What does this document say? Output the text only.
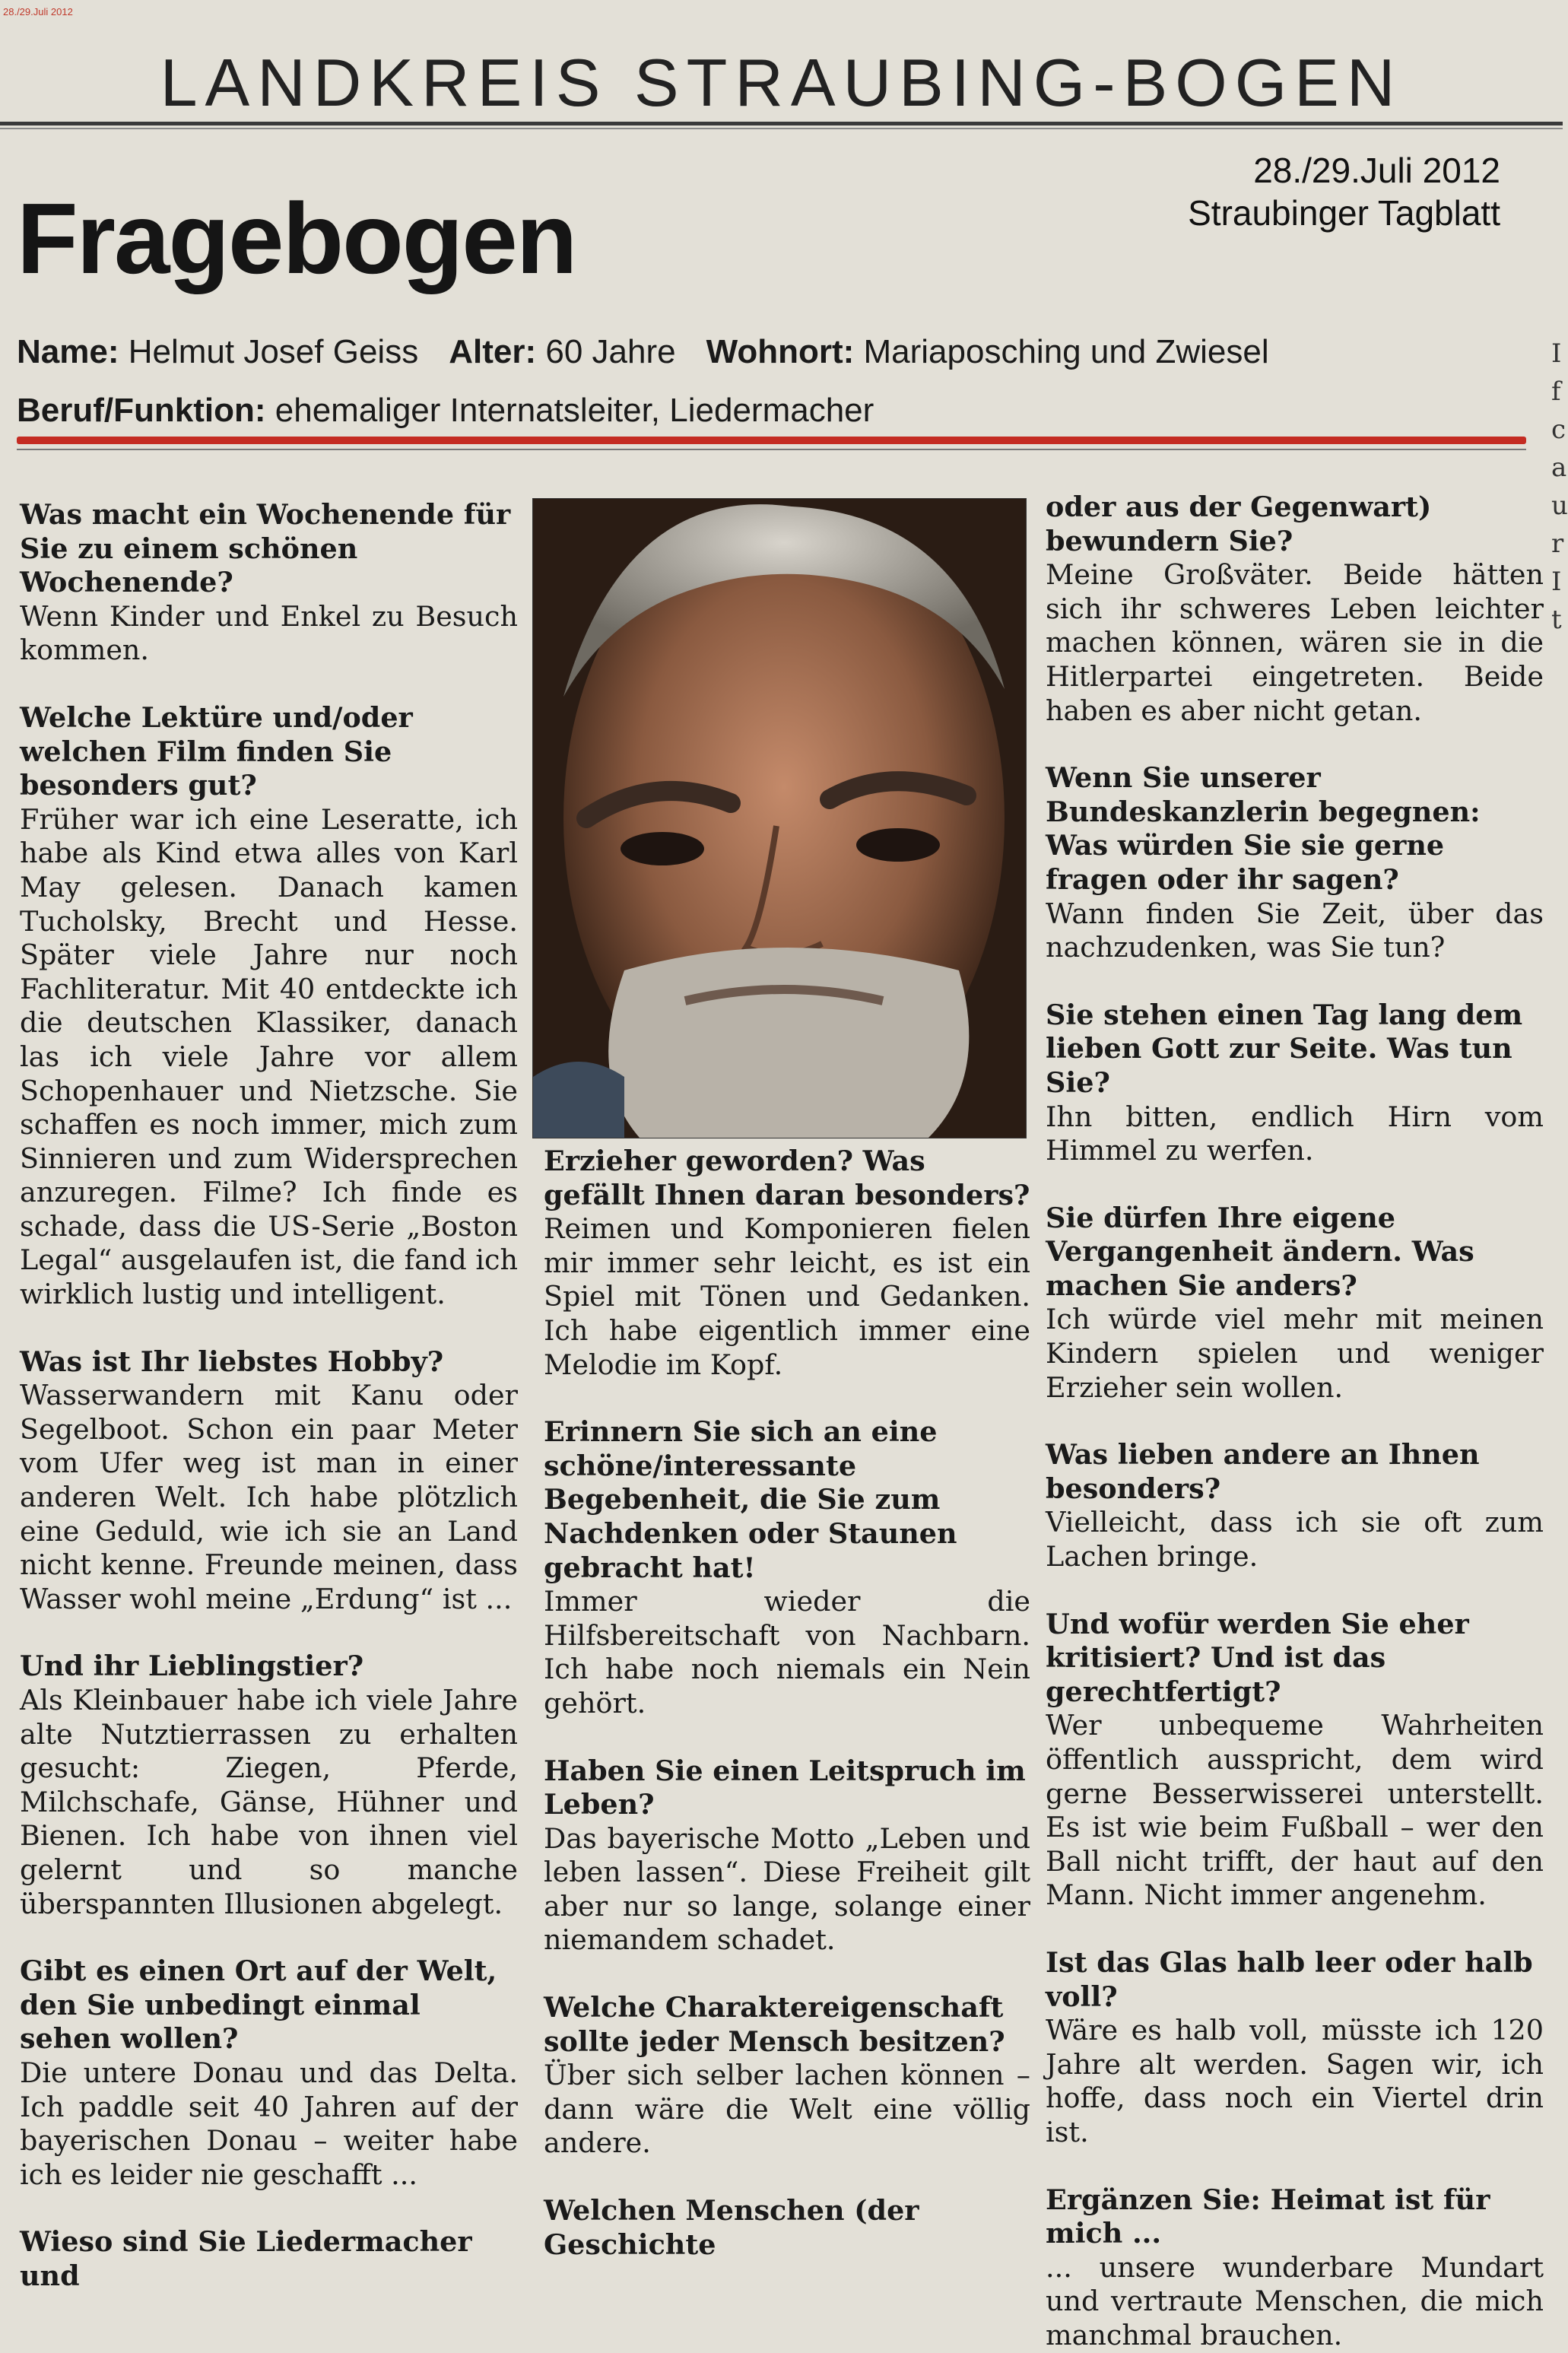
28./29.Juli 2012
LANDKREIS STRAUBING-BOGEN
Fragebogen
28./29.Juli 2012
Straubinger Tagblatt
Name: Helmut Josef Geiss Alter: 60 Jahre Wohnort: Mariaposching und Zwiesel
Beruf/Funktion: ehemaliger Internatsleiter, Liedermacher
I
f
c
a
u
r
I
t
Was macht ein Wochenende für Sie zu einem schönen Wochenende?
Wenn Kinder und Enkel zu Besuch kommen.
Welche Lektüre und/oder welchen Film finden Sie besonders gut?
Früher war ich eine Leseratte, ich habe als Kind etwa alles von Karl May gelesen. Danach kamen Tucholsky, Brecht und Hesse. Später viele Jahre nur noch Fachliteratur. Mit 40 entdeckte ich die deutschen Klassiker, danach las ich viele Jahre vor allem Schopenhauer und Nietzsche. Sie schaffen es noch immer, mich zum Sinnieren und zum Widersprechen anzuregen. Filme? Ich finde es schade, dass die US-Serie „Boston Legal“ ausgelaufen ist, die fand ich wirklich lustig und intelligent.
Was ist Ihr liebstes Hobby?
Wasserwandern mit Kanu oder Segelboot. Schon ein paar Meter vom Ufer weg ist man in einer anderen Welt. Ich habe plötzlich eine Geduld, wie ich sie an Land nicht kenne. Freunde meinen, dass Wasser wohl meine „Erdung“ ist ...
Und ihr Lieblingstier?
Als Kleinbauer habe ich viele Jahre alte Nutztierrassen zu erhalten gesucht: Ziegen, Pferde, Milchschafe, Gänse, Hühner und Bienen. Ich habe von ihnen viel gelernt und so manche überspannten Illusionen abgelegt.
Gibt es einen Ort auf der Welt, den Sie unbedingt einmal sehen wollen?
Die untere Donau und das Delta. Ich paddle seit 40 Jahren auf der bayerischen Donau – weiter habe ich es leider nie geschafft ...
Wieso sind Sie Liedermacher und
Erzieher geworden? Was gefällt Ihnen daran besonders?
Reimen und Komponieren fielen mir immer sehr leicht, es ist ein Spiel mit Tönen und Gedanken. Ich habe eigentlich immer eine Melodie im Kopf.
Erinnern Sie sich an eine schöne/interessante Begebenheit, die Sie zum Nachdenken oder Staunen gebracht hat!
Immer wieder die Hilfsbereitschaft von Nachbarn. Ich habe noch niemals ein Nein gehört.
Haben Sie einen Leitspruch im Leben?
Das bayerische Motto „Leben und leben lassen“. Diese Freiheit gilt aber nur so lange, solange einer niemandem schadet.
Welche Charaktereigenschaft sollte jeder Mensch besitzen?
Über sich selber lachen können – dann wäre die Welt eine völlig andere.
Welchen Menschen (der Geschichte
oder aus der Gegenwart) bewundern Sie?
Meine Großväter. Beide hätten sich ihr schweres Leben leichter machen können, wären sie in die Hitlerpartei eingetreten. Beide haben es aber nicht getan.
Wenn Sie unserer Bundeskanzlerin begegnen: Was würden Sie sie gerne fragen oder ihr sagen?
Wann finden Sie Zeit, über das nachzudenken, was Sie tun?
Sie stehen einen Tag lang dem lieben Gott zur Seite. Was tun Sie?
Ihn bitten, endlich Hirn vom Himmel zu werfen.
Sie dürfen Ihre eigene Vergangenheit ändern. Was machen Sie anders?
Ich würde viel mehr mit meinen Kindern spielen und weniger Erzieher sein wollen.
Was lieben andere an Ihnen besonders?
Vielleicht, dass ich sie oft zum Lachen bringe.
Und wofür werden Sie eher kritisiert? Und ist das gerechtfertigt?
Wer unbequeme Wahrheiten öffentlich ausspricht, dem wird gerne Besserwisserei unterstellt. Es ist wie beim Fußball – wer den Ball nicht trifft, der haut auf den Mann. Nicht immer angenehm.
Ist das Glas halb leer oder halb voll?
Wäre es halb voll, müsste ich 120 Jahre alt werden. Sagen wir, ich hoffe, dass noch ein Viertel drin ist.
Ergänzen Sie: Heimat ist für mich ...
... unsere wunderbare Mundart und vertraute Menschen, die mich manchmal brauchen.
